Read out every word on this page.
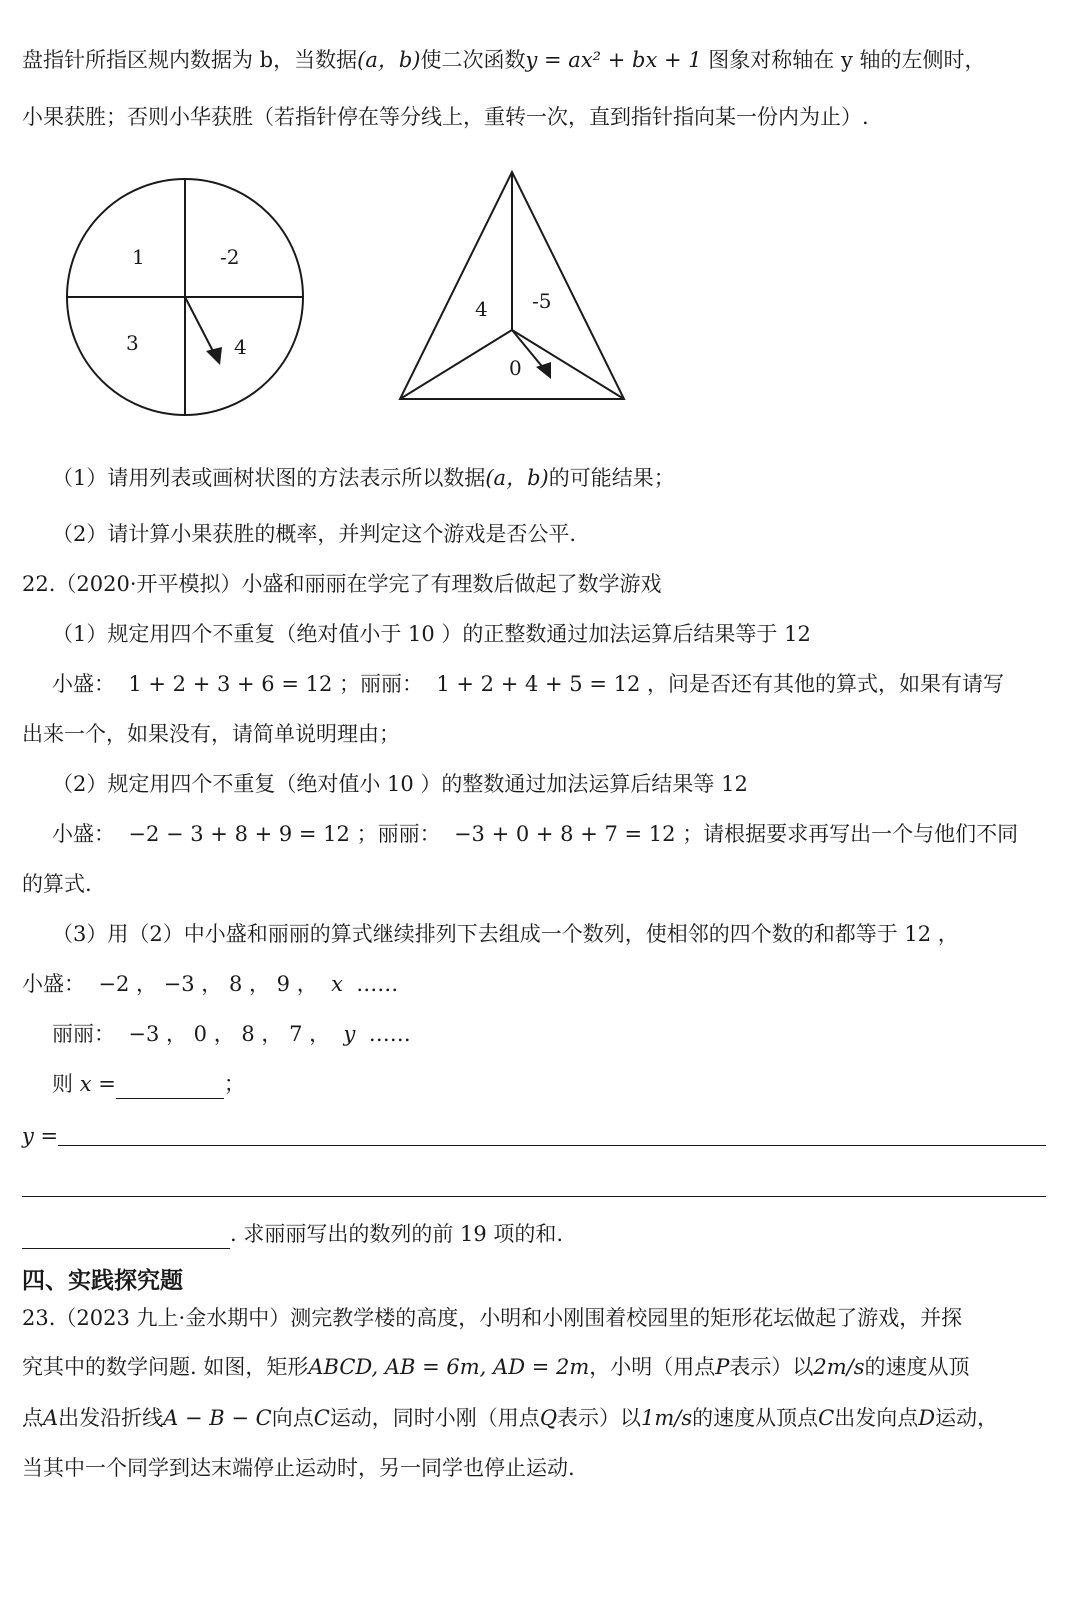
盘指针所指区规内数据为 b，当数据(a，b)使二次函数y = ax² + bx + 1 图象对称轴在 y 轴的左侧时，
小果获胜；否则小华获胜（若指针停在等分线上，重转一次，直到指针指向某一份内为止）.
1	-2
3	4
4 -5
0
（1）请用列表或画树状图的方法表示所以数据(a，b)的可能结果；
（2）请计算小果获胜的概率，并判定这个游戏是否公平.
22.（2020·开平模拟）小盛和丽丽在学完了有理数后做起了数学游戏
（1）规定用四个不重复（绝对值小于 10 ）的正整数通过加法运算后结果等于 12
小盛： 1 + 2 + 3 + 6 = 12 ；丽丽： 1 + 2 + 4 + 5 = 12 ，问是否还有其他的算式，如果有请写
出来一个，如果没有，请简单说明理由；
（2）规定用四个不重复（绝对值小 10 ）的整数通过加法运算后结果等 12
小盛： −2 − 3 + 8 + 9 = 12 ；丽丽： −3 + 0 + 8 + 7 = 12 ；请根据要求再写出一个与他们不同
的算式.
（3）用（2）中小盛和丽丽的算式继续排列下去组成一个数列，使相邻的四个数的和都等于 12 ，
小盛： −2 ， −3 ， 8 ， 9 ， x ……
丽丽： −3 ， 0 ， 8 ， 7 ， y ……
则 x =	；
y =
. 求丽丽写出的数列的前 19 项的和.
四、实践探究题
23.（2023 九上·金水期中）测完教学楼的高度，小明和小刚围着校园里的矩形花坛做起了游戏，并探
究其中的数学问题. 如图，矩形ABCD, AB = 6m, AD = 2m，小明（用点P表示）以2m/s的速度从顶
点A出发沿折线A − B − C向点C运动，同时小刚（用点Q表示）以1m/s的速度从顶点C出发向点D运动，
当其中一个同学到达末端停止运动时，另一同学也停止运动.
